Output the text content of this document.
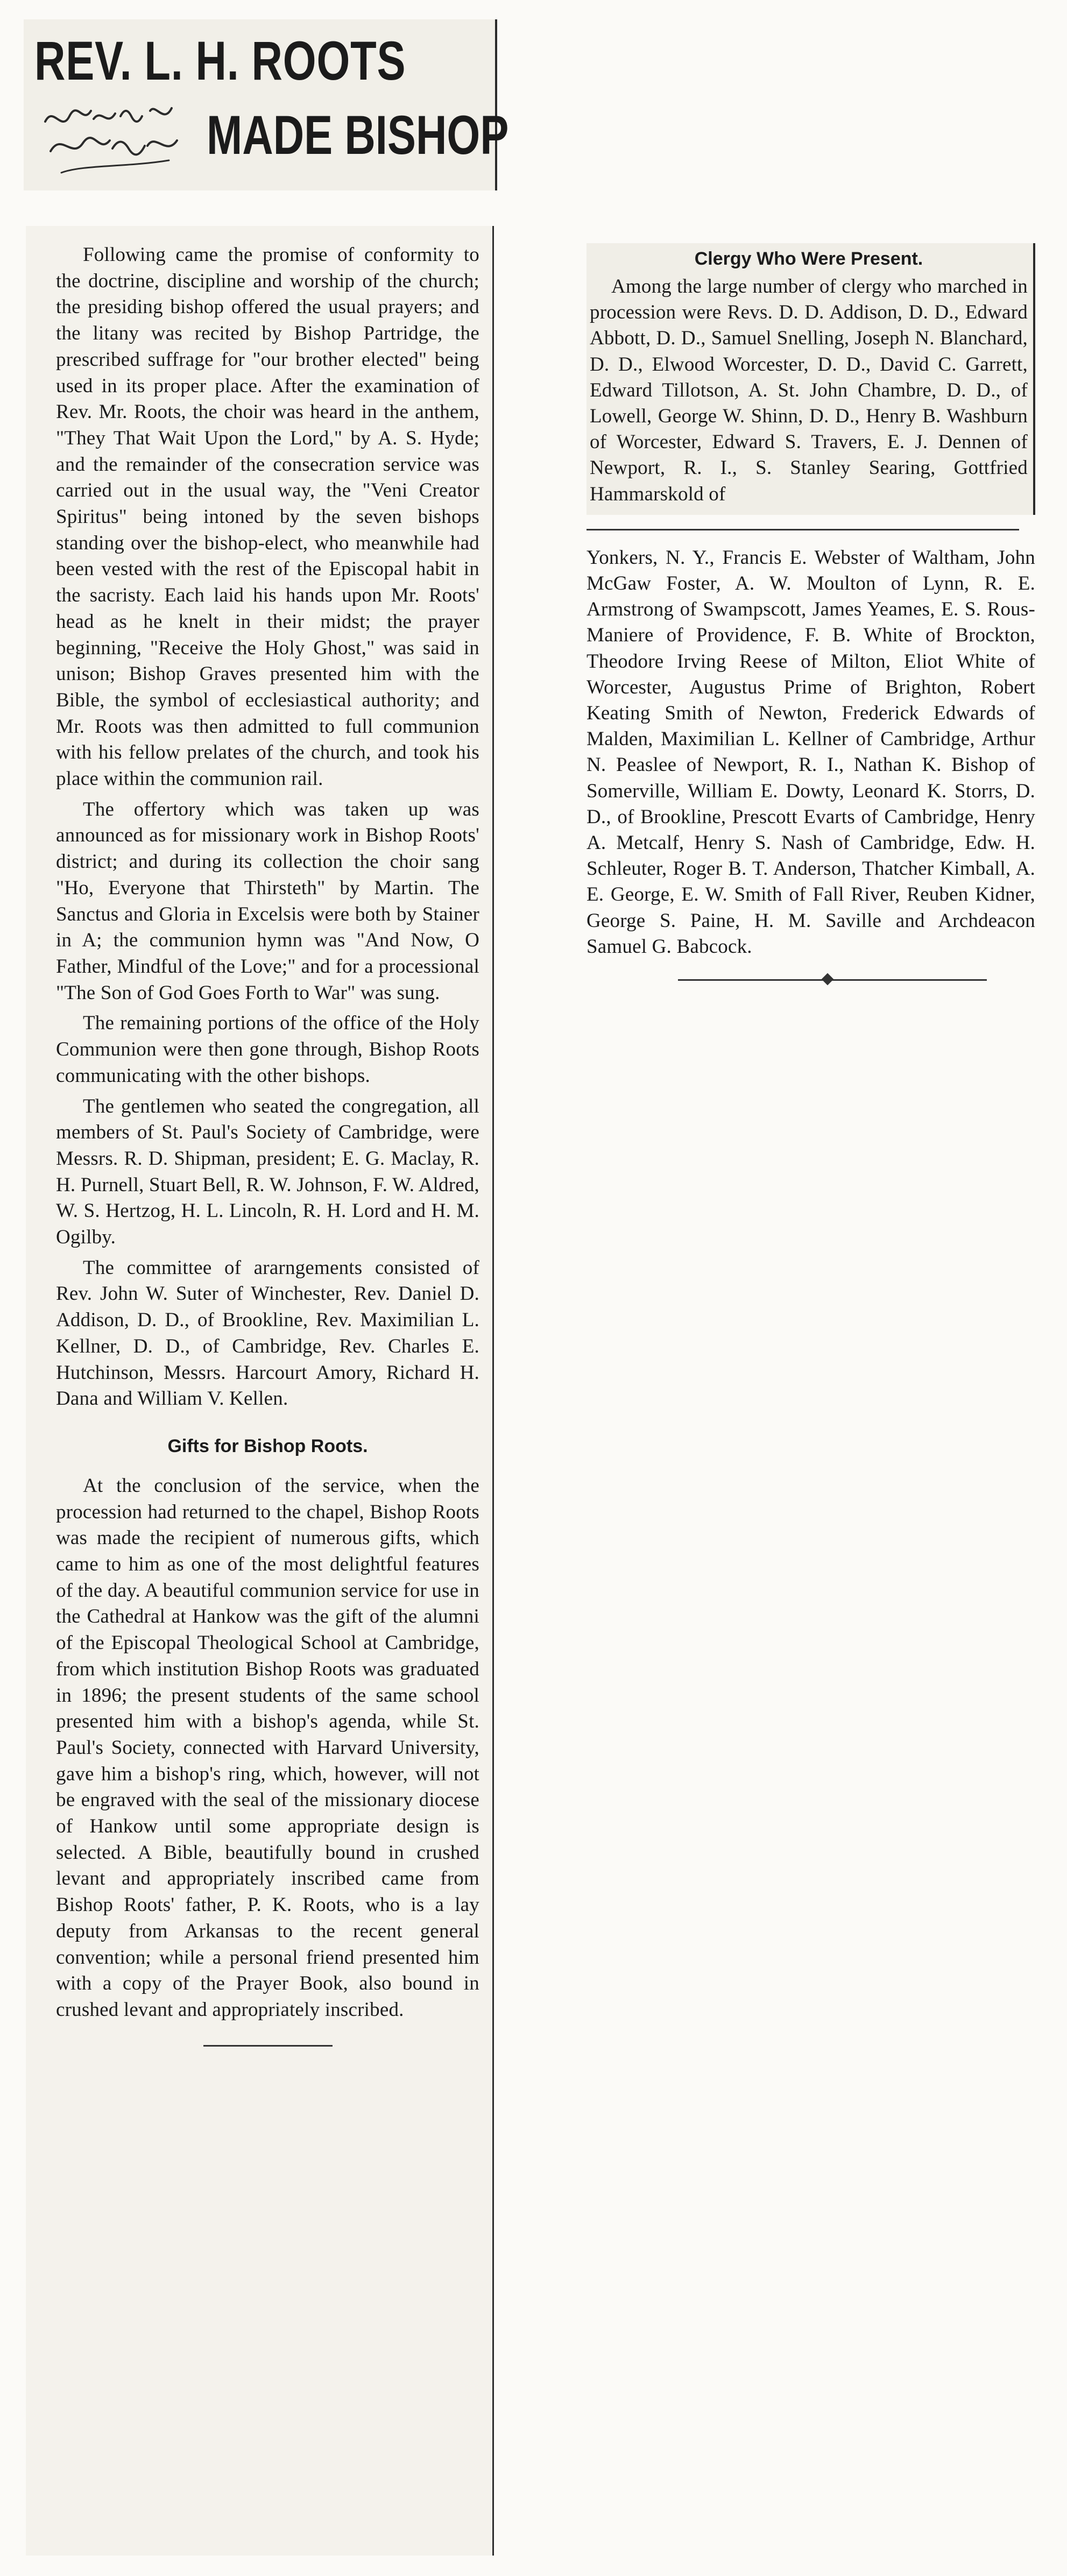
REV. L. H. ROOTS
MADE BISHOP

Following came the promise of conformity to the doctrine, discipline and worship of the church; the presiding bishop offered the usual prayers; and the litany was recited by Bishop Partridge, the prescribed suffrage for "our brother elected" being used in its proper place. After the examination of Rev. Mr. Roots, the choir was heard in the anthem, "They That Wait Upon the Lord," by A. S. Hyde; and the remainder of the consecration service was carried out in the usual way, the "Veni Creator Spiritus" being intoned by the seven bishops standing over the bishop-elect, who meanwhile had been vested with the rest of the Episcopal habit in the sacristy. Each laid his hands upon Mr. Roots' head as he knelt in their midst; the prayer beginning, "Receive the Holy Ghost," was said in unison; Bishop Graves presented him with the Bible, the symbol of ecclesiastical authority; and Mr. Roots was then admitted to full communion with his fellow prelates of the church, and took his place within the communion rail.

The offertory which was taken up was announced as for missionary work in Bishop Roots' district; and during its collection the choir sang "Ho, Everyone that Thirsteth" by Martin. The Sanctus and Gloria in Excelsis were both by Stainer in A; the communion hymn was "And Now, O Father, Mindful of the Love;" and for a processional "The Son of God Goes Forth to War" was sung.

The remaining portions of the office of the Holy Communion were then gone through, Bishop Roots communicating with the other bishops.

The gentlemen who seated the congregation, all members of St. Paul's Society of Cambridge, were Messrs. R. D. Shipman, president; E. G. Maclay, R. H. Purnell, Stuart Bell, R. W. Johnson, F. W. Aldred, W. S. Hertzog, H. L. Lincoln, R. H. Lord and H. M. Ogilby.

The committee of ararngements consisted of Rev. John W. Suter of Winchester, Rev. Daniel D. Addison, D. D., of Brookline, Rev. Maximilian L. Kellner, D. D., of Cambridge, Rev. Charles E. Hutchinson, Messrs. Harcourt Amory, Richard H. Dana and William V. Kellen.

Gifts for Bishop Roots.

At the conclusion of the service, when the procession had returned to the chapel, Bishop Roots was made the recipient of numerous gifts, which came to him as one of the most delightful features of the day. A beautiful communion service for use in the Cathedral at Hankow was the gift of the alumni of the Episcopal Theological School at Cambridge, from which institution Bishop Roots was graduated in 1896; the present students of the same school presented him with a bishop's agenda, while St. Paul's Society, connected with Harvard University, gave him a bishop's ring, which, however, will not be engraved with the seal of the missionary diocese of Hankow until some appropriate design is selected. A Bible, beautifully bound in crushed levant and appropriately inscribed came from Bishop Roots' father, P. K. Roots, who is a lay deputy from Arkansas to the recent general convention; while a personal friend presented him with a copy of the Prayer Book, also bound in crushed levant and appropriately inscribed.

Clergy Who Were Present.

Among the large number of clergy who marched in procession were Revs. D. D. Addison, D. D., Edward Abbott, D. D., Samuel Snelling, Joseph N. Blanchard, D. D., Elwood Worcester, D. D., David C. Garrett, Edward Tillotson, A. St. John Chambre, D. D., of Lowell, George W. Shinn, D. D., Henry B. Washburn of Worcester, Edward S. Travers, E. J. Dennen of Newport, R. I., S. Stanley Searing, Gottfried Hammarskold of

Yonkers, N. Y., Francis E. Webster of Waltham, John McGaw Foster, A. W. Moulton of Lynn, R. E. Armstrong of Swampscott, James Yeames, E. S. Rous-Maniere of Providence, F. B. White of Brockton, Theodore Irving Reese of Milton, Eliot White of Worcester, Augustus Prime of Brighton, Robert Keating Smith of Newton, Frederick Edwards of Malden, Maximilian L. Kellner of Cambridge, Arthur N. Peaslee of Newport, R. I., Nathan K. Bishop of Somerville, William E. Dowty, Leonard K. Storrs, D. D., of Brookline, Prescott Evarts of Cambridge, Henry A. Metcalf, Henry S. Nash of Cambridge, Edw. H. Schleuter, Roger B. T. Anderson, Thatcher Kimball, A. E. George, E. W. Smith of Fall River, Reuben Kidner, George S. Paine, H. M. Saville and Archdeacon Samuel G. Babcock.
